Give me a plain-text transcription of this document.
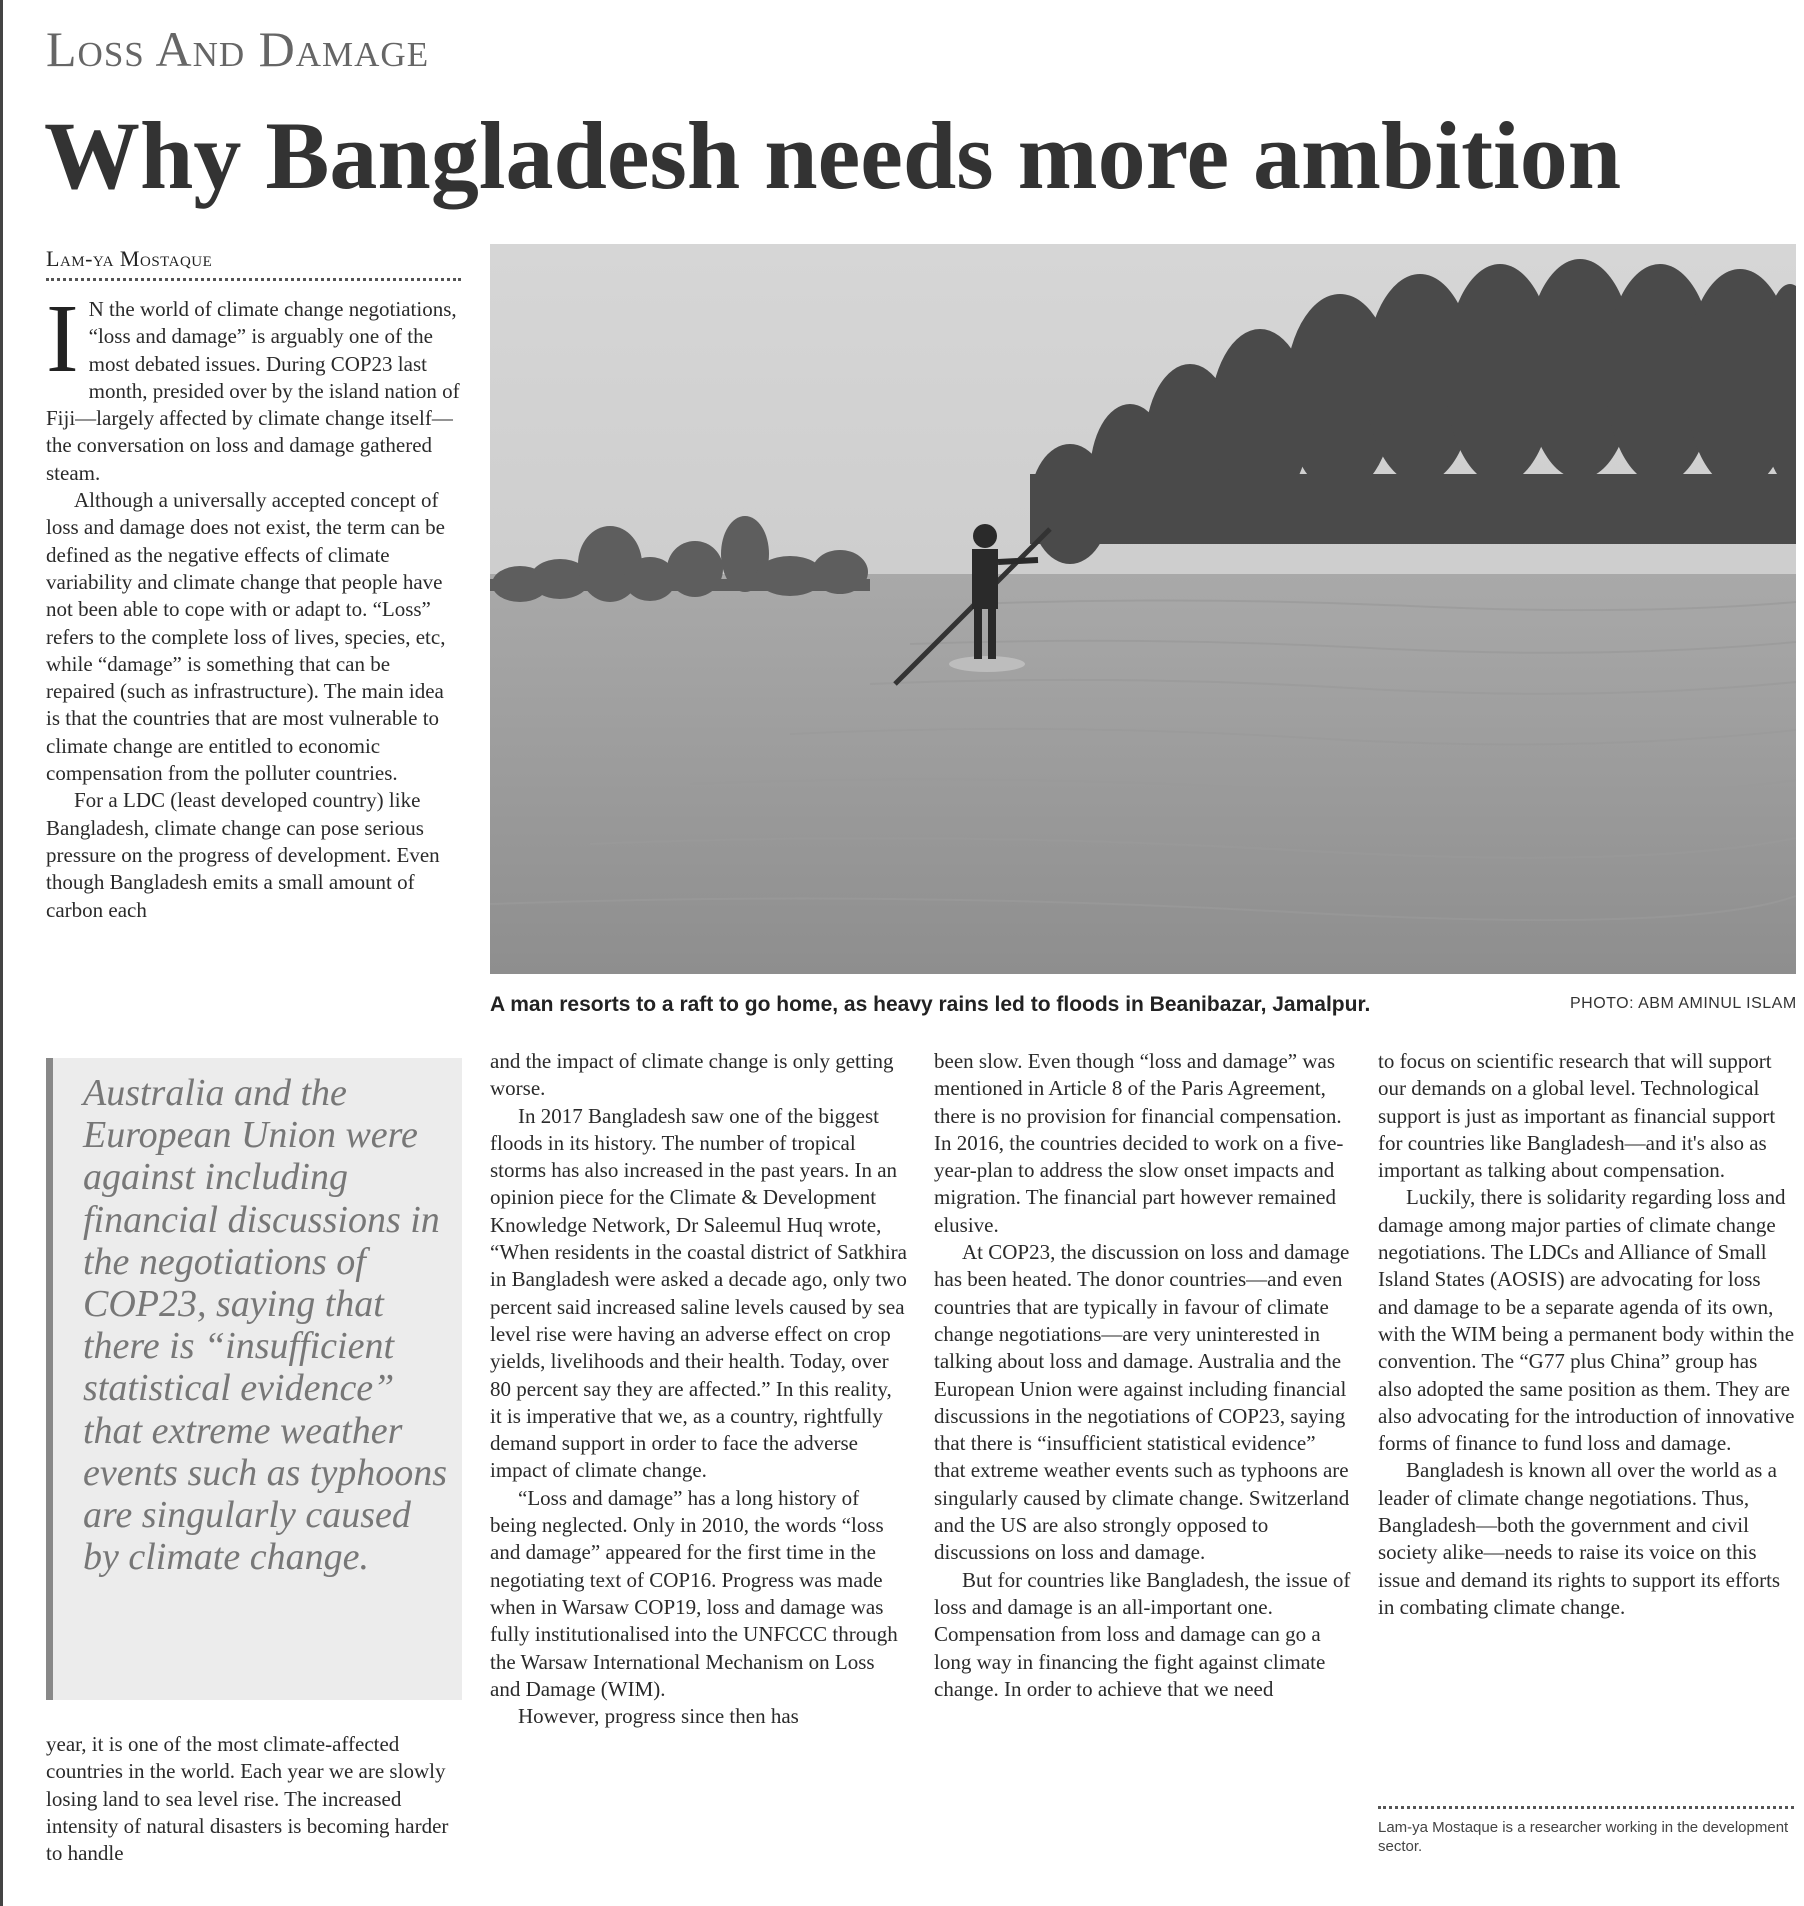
Loss And Damage
Why Bangladesh needs more ambition
Lam-ya Mostaque

I N the world of climate change negotiations, “loss and damage” is arguably one of the most debated issues. During COP23 last month, presided over by the island nation of Fiji—largely affected by climate change itself—the conversation on loss and damage gathered steam.

Although a universally accepted concept of loss and damage does not exist, the term can be defined as the negative effects of climate variability and climate change that people have not been able to cope with or adapt to. “Loss” refers to the complete loss of lives, species, etc, while “damage” is something that can be repaired (such as infrastructure). The main idea is that the countries that are most vulnerable to climate change are entitled to economic compensation from the polluter countries.

For a LDC (least developed country) like Bangladesh, climate change can pose serious pressure on the progress of development. Even though Bangladesh emits a small amount of carbon each

A man resorts to a raft to go home, as heavy rains led to floods in Beanibazar, Jamalpur.	PHOTO: ABM AMINUL ISLAM
Australia and the European Union were against including financial discussions in the negotiations of COP23, saying that there is “insufficient statistical evidence” that extreme weather events such as typhoons are singularly caused by climate change.

year, it is one of the most climate-affected countries in the world. Each year we are slowly losing land to sea level rise. The increased intensity of natural disasters is becoming harder to handle

and the impact of climate change is only getting worse.

In 2017 Bangladesh saw one of the biggest floods in its history. The number of tropical storms has also increased in the past years. In an opinion piece for the Climate & Development Knowledge Network, Dr Saleemul Huq wrote, “When residents in the coastal district of Satkhira in Bangladesh were asked a decade ago, only two percent said increased saline levels caused by sea level rise were having an adverse effect on crop yields, livelihoods and their health. Today, over 80 percent say they are affected.” In this reality, it is imperative that we, as a country, rightfully demand support in order to face the adverse impact of climate change.

“Loss and damage” has a long history of being neglected. Only in 2010, the words “loss and damage” appeared for the first time in the negotiating text of COP16. Progress was made when in Warsaw COP19, loss and damage was fully institutionalised into the UNFCCC through the Warsaw International Mechanism on Loss and Damage (WIM).

However, progress since then has

been slow. Even though “loss and damage” was mentioned in Article 8 of the Paris Agreement, there is no provision for financial compensation. In 2016, the countries decided to work on a five-year-plan to address the slow onset impacts and migration. The financial part however remained elusive.

At COP23, the discussion on loss and damage has been heated. The donor countries—and even countries that are typically in favour of climate change negotiations—are very uninterested in talking about loss and damage. Australia and the European Union were against including financial discussions in the negotiations of COP23, saying that there is “insufficient statistical evidence” that extreme weather events such as typhoons are singularly caused by climate change. Switzerland and the US are also strongly opposed to discussions on loss and damage.

But for countries like Bangladesh, the issue of loss and damage is an all-important one. Compensation from loss and damage can go a long way in financing the fight against climate change. In order to achieve that we need

to focus on scientific research that will support our demands on a global level. Technological support is just as important as financial support for countries like Bangladesh—and it's also as important as talking about compensation.

Luckily, there is solidarity regarding loss and damage among major parties of climate change negotiations. The LDCs and Alliance of Small Island States (AOSIS) are advocating for loss and damage to be a separate agenda of its own, with the WIM being a permanent body within the convention. The “G77 plus China” group has also adopted the same position as them. They are also advocating for the introduction of innovative forms of finance to fund loss and damage.

Bangladesh is known all over the world as a leader of climate change negotiations. Thus, Bangladesh—both the government and civil society alike—needs to raise its voice on this issue and demand its rights to support its efforts in combating climate change.

Lam-ya Mostaque is a researcher working in the development sector.
